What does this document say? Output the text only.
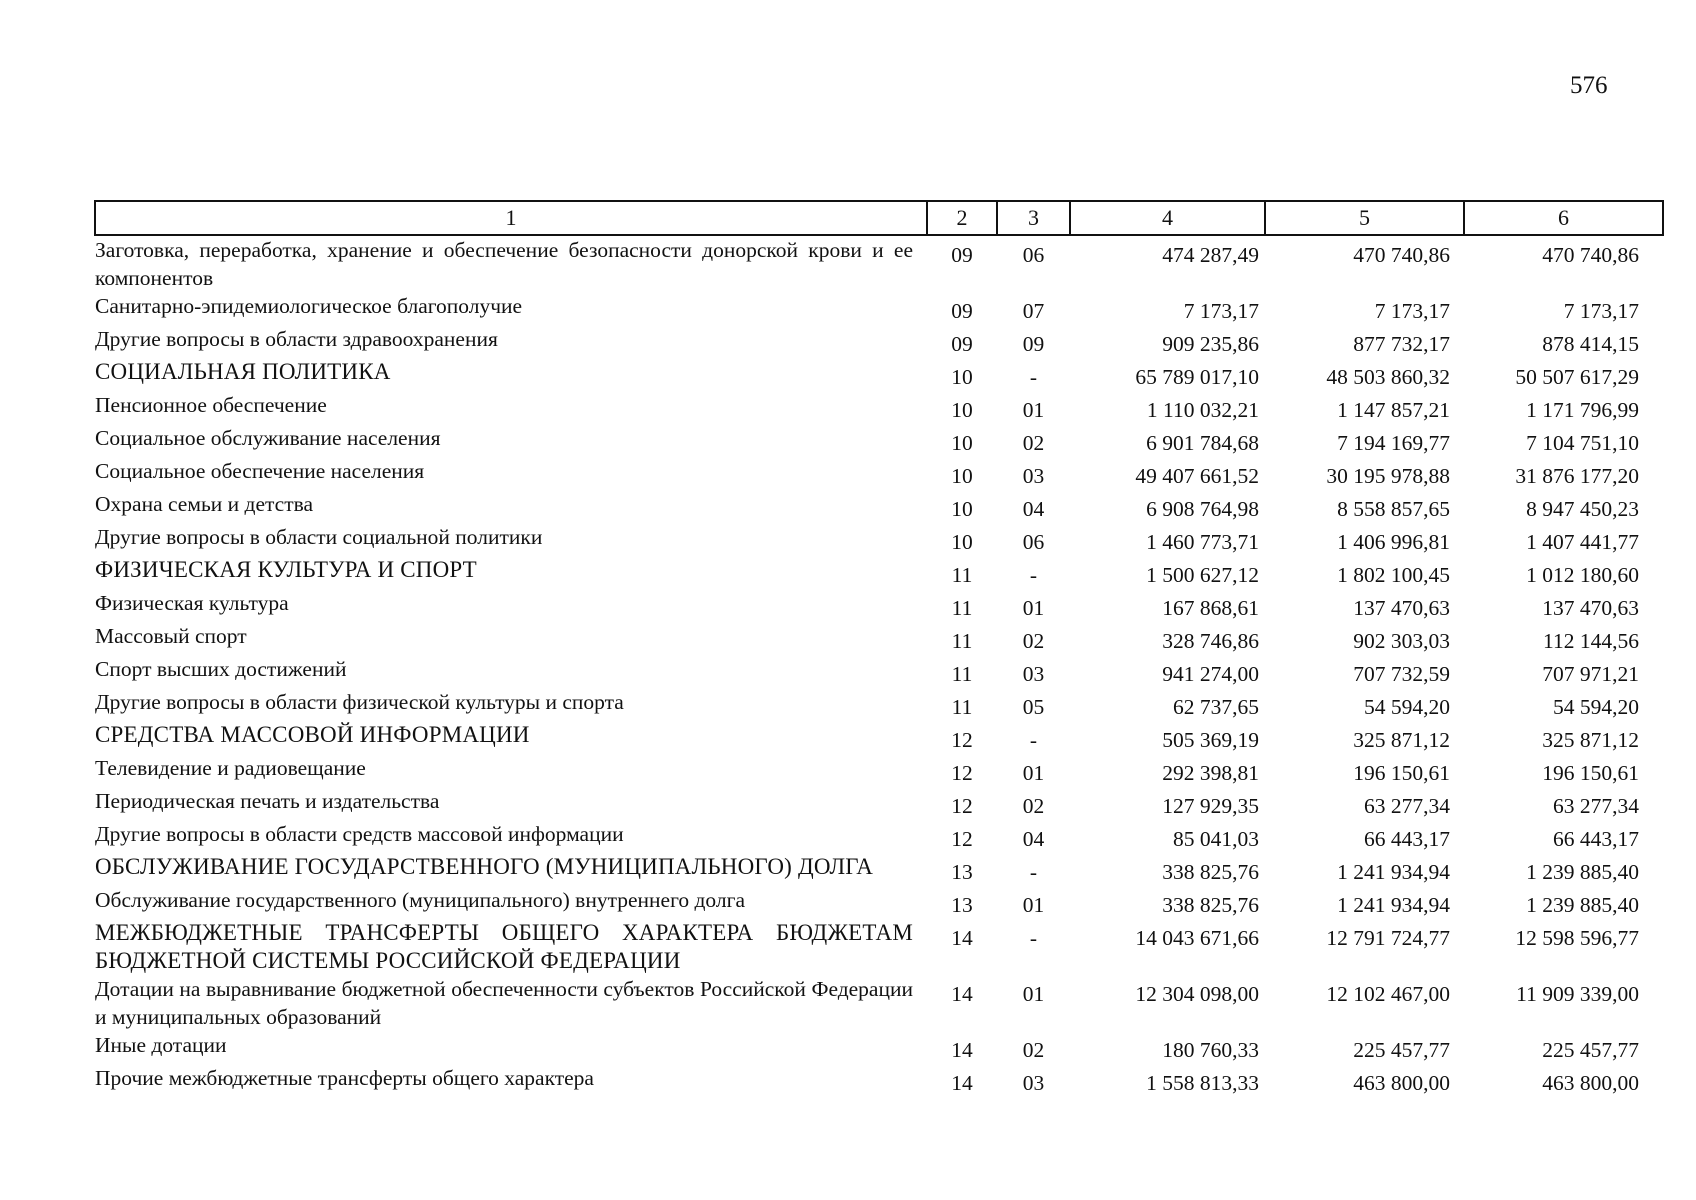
576
1	2	3	4	5	6
Заготовка, переработка, хранение и обеспечение безопасности донорской крови и ее компонентов	09	06	474 287,49	470 740,86	470 740,86
Санитарно-эпидемиологическое благополучие	09	07	7 173,17	7 173,17	7 173,17
Другие вопросы в области здравоохранения	09	09	909 235,86	877 732,17	878 414,15
СОЦИАЛЬНАЯ ПОЛИТИКА	10	-	65 789 017,10	48 503 860,32	50 507 617,29
Пенсионное обеспечение	10	01	1 110 032,21	1 147 857,21	1 171 796,99
Социальное обслуживание населения	10	02	6 901 784,68	7 194 169,77	7 104 751,10
Социальное обеспечение населения	10	03	49 407 661,52	30 195 978,88	31 876 177,20
Охрана семьи и детства	10	04	6 908 764,98	8 558 857,65	8 947 450,23
Другие вопросы в области социальной политики	10	06	1 460 773,71	1 406 996,81	1 407 441,77
ФИЗИЧЕСКАЯ КУЛЬТУРА И СПОРТ	11	-	1 500 627,12	1 802 100,45	1 012 180,60
Физическая культура	11	01	167 868,61	137 470,63	137 470,63
Массовый спорт	11	02	328 746,86	902 303,03	112 144,56
Спорт высших достижений	11	03	941 274,00	707 732,59	707 971,21
Другие вопросы в области физической культуры и спорта	11	05	62 737,65	54 594,20	54 594,20
СРЕДСТВА МАССОВОЙ ИНФОРМАЦИИ	12	-	505 369,19	325 871,12	325 871,12
Телевидение и радиовещание	12	01	292 398,81	196 150,61	196 150,61
Периодическая печать и издательства	12	02	127 929,35	63 277,34	63 277,34
Другие вопросы в области средств массовой информации	12	04	85 041,03	66 443,17	66 443,17
ОБСЛУЖИВАНИЕ ГОСУДАРСТВЕННОГО (МУНИЦИПАЛЬНОГО) ДОЛГА	13	-	338 825,76	1 241 934,94	1 239 885,40
Обслуживание государственного (муниципального) внутреннего долга	13	01	338 825,76	1 241 934,94	1 239 885,40
МЕЖБЮДЖЕТНЫЕ ТРАНСФЕРТЫ ОБЩЕГО ХАРАКТЕРА БЮДЖЕТАМ БЮДЖЕТНОЙ СИСТЕМЫ РОССИЙСКОЙ ФЕДЕРАЦИИ	14	-	14 043 671,66	12 791 724,77	12 598 596,77
Дотации на выравнивание бюджетной обеспеченности субъектов Российской Федерации и муниципальных образований	14	01	12 304 098,00	12 102 467,00	11 909 339,00
Иные дотации	14	02	180 760,33	225 457,77	225 457,77
Прочие межбюджетные трансферты общего характера	14	03	1 558 813,33	463 800,00	463 800,00
